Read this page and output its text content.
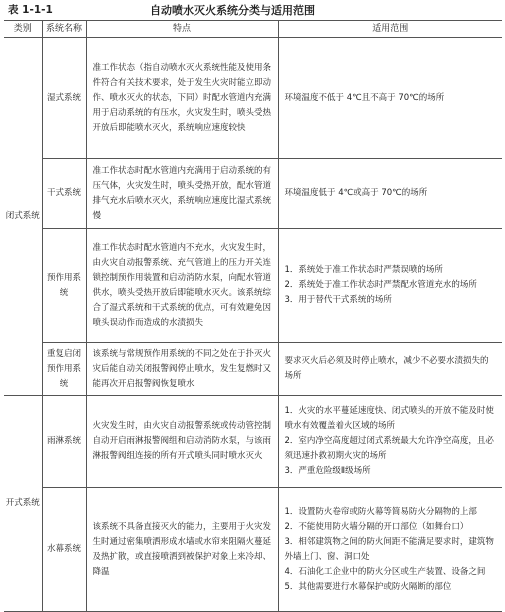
表 1-1-1	自动喷水灭火系统分类与适用范围
类别	系统名称	特点	适用范围
闭式系统	湿式系统	准工作状态（指自动喷水灭火系统性能及使用条件符合有关技术要求，处于发生火灾时能立即动作、喷水灭火的状态，下同）时配水管道内充满用于启动系统的有压水，火灾发生时，喷头受热开放后即能喷水灭火，系统响应速度较快	环境温度不低于 4℃且不高于 70℃的场所

	干式系统	准工作状态时配水管道内充满用于启动系统的有压气体，火灾发生时，喷头受热开放，配水管道排气充水后喷水灭火，系统响应速度比湿式系统慢	环境温度低于 4℃或高于 70℃的场所

	预作用系统	准工作状态时配水管道内不充水，火灾发生时，由火灾自动报警系统、充气管道上的压力开关连锁控制预作用装置和启动消防水泵，向配水管道供水，喷头受热开放后即能喷水灭火。该系统综合了湿式系统和干式系统的优点，可有效避免因喷头误动作而造成的水渍损失	1．系统处于准工作状态时严禁误喷的场所
2．系统处于准工作状态时严禁配水管道充水的场所
3．用于替代干式系统的场所

	重复启闭预作用系统	该系统与常规预作用系统的不同之处在于扑灭火灾后能自动关闭报警阀停止喷水，发生复燃时又能再次开启报警阀恢复喷水	要求灭火后必须及时停止喷水，减少不必要水渍损失的场所

开式系统	雨淋系统	火灾发生时，由火灾自动报警系统或传动管控制自动开启雨淋报警阀组和启动消防水泵，与该雨淋报警阀组连接的所有开式喷头同时喷水灭火	1．火灾的水平蔓延速度快、闭式喷头的开放不能及时使喷水有效覆盖着火区域的场所
2．室内净空高度超过闭式系统最大允许净空高度，且必须迅速扑救初期火灾的场所
3．严重危险级Ⅱ级场所

	水幕系统	该系统不具备直接灭火的能力，主要用于火灾发生时通过密集喷洒形成水墙或水帘来阻隔火蔓延及热扩散，或直接喷洒到被保护对象上来冷却、降温	1．设置防火卷帘或防火幕等简易防火分隔物的上部
2．不能使用防火墙分隔的开口部位（如舞台口）
3．相邻建筑物之间的防火间距不能满足要求时，建筑物外墙上门、窗、洞口处
4．石油化工企业中的防火分区或生产装置、设备之间
5．其他需要进行水幕保护或防火隔断的部位
